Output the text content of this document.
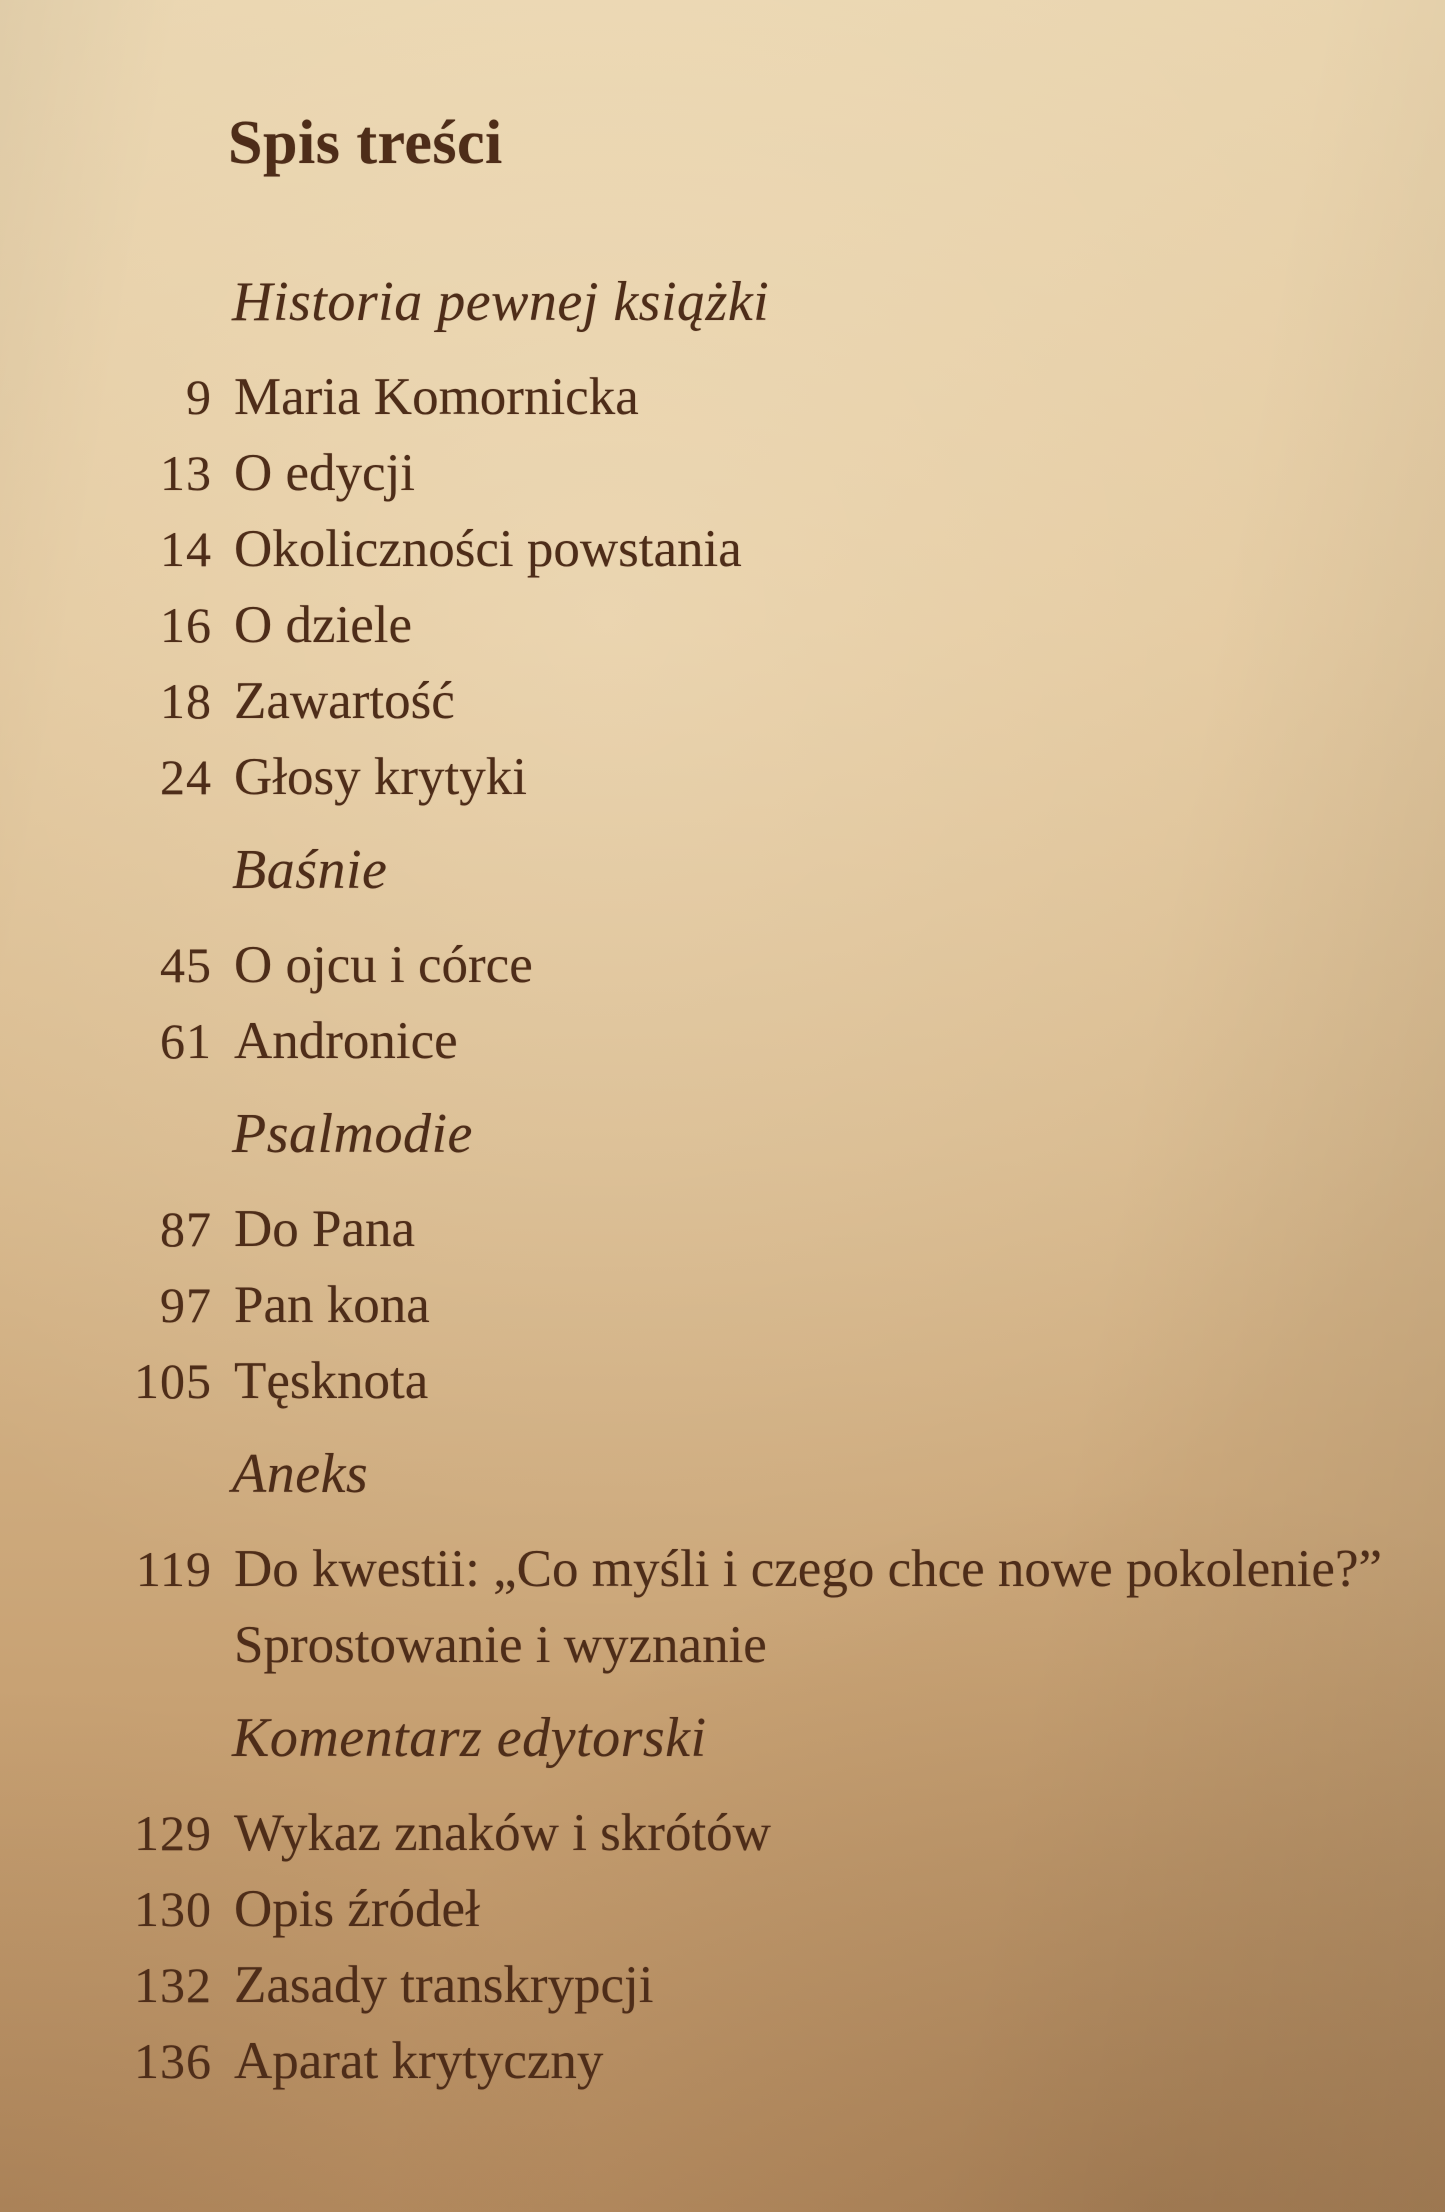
Spis treści
Historia pewnej książki
9 Maria Komornicka
13 O edycji
14 Okoliczności powstania
16 O dziele
18 Zawartość
24 Głosy krytyki
Baśnie
45 O ojcu i córce
61 Andronice
Psalmodie
87 Do Pana
97 Pan kona
105 Tęsknota
Aneks
119 Do kwestii: „Co myśli i czego chce nowe pokolenie?”
Sprostowanie i wyznanie
Komentarz edytorski
129 Wykaz znaków i skrótów
130 Opis źródeł
132 Zasady transkrypcji
136 Aparat krytyczny
